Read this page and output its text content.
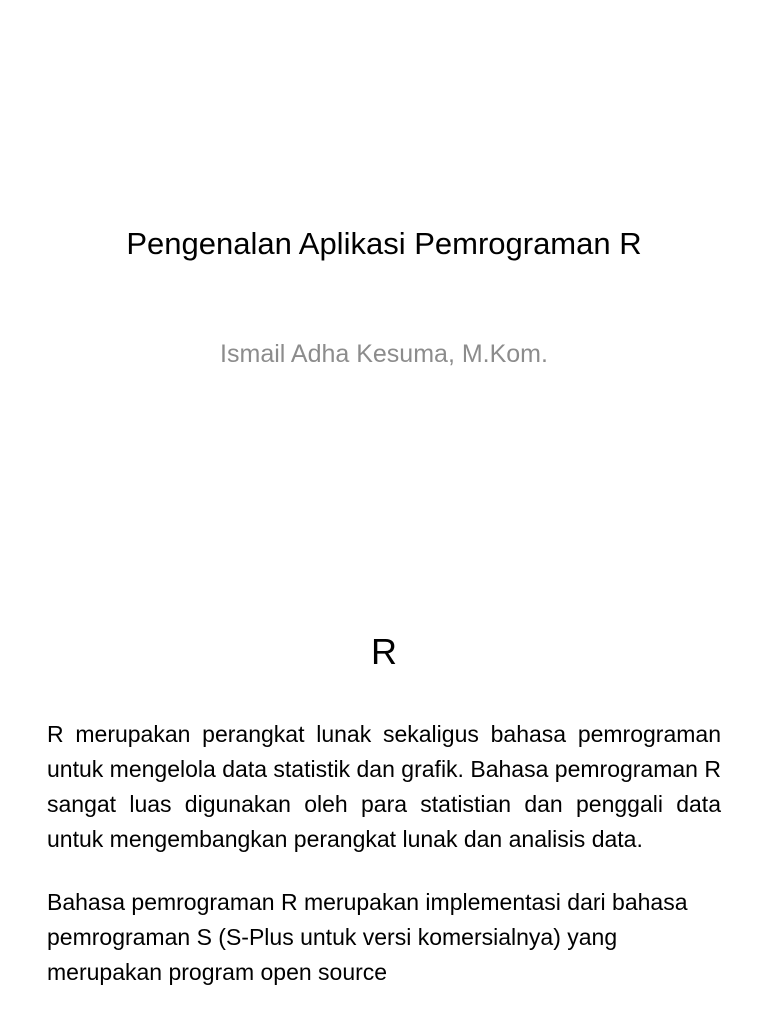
Pengenalan Aplikasi Pemrograman R
Ismail Adha Kesuma, M.Kom.
R

R merupakan perangkat lunak sekaligus bahasa pemrograman untuk mengelola data statistik dan grafik. Bahasa pemrograman R sangat luas digunakan oleh para statistian dan penggali data untuk mengembangkan perangkat lunak dan analisis data.

Bahasa pemrograman R merupakan implementasi dari bahasa pemrograman S (S-Plus untuk versi komersialnya) yang merupakan program open source
